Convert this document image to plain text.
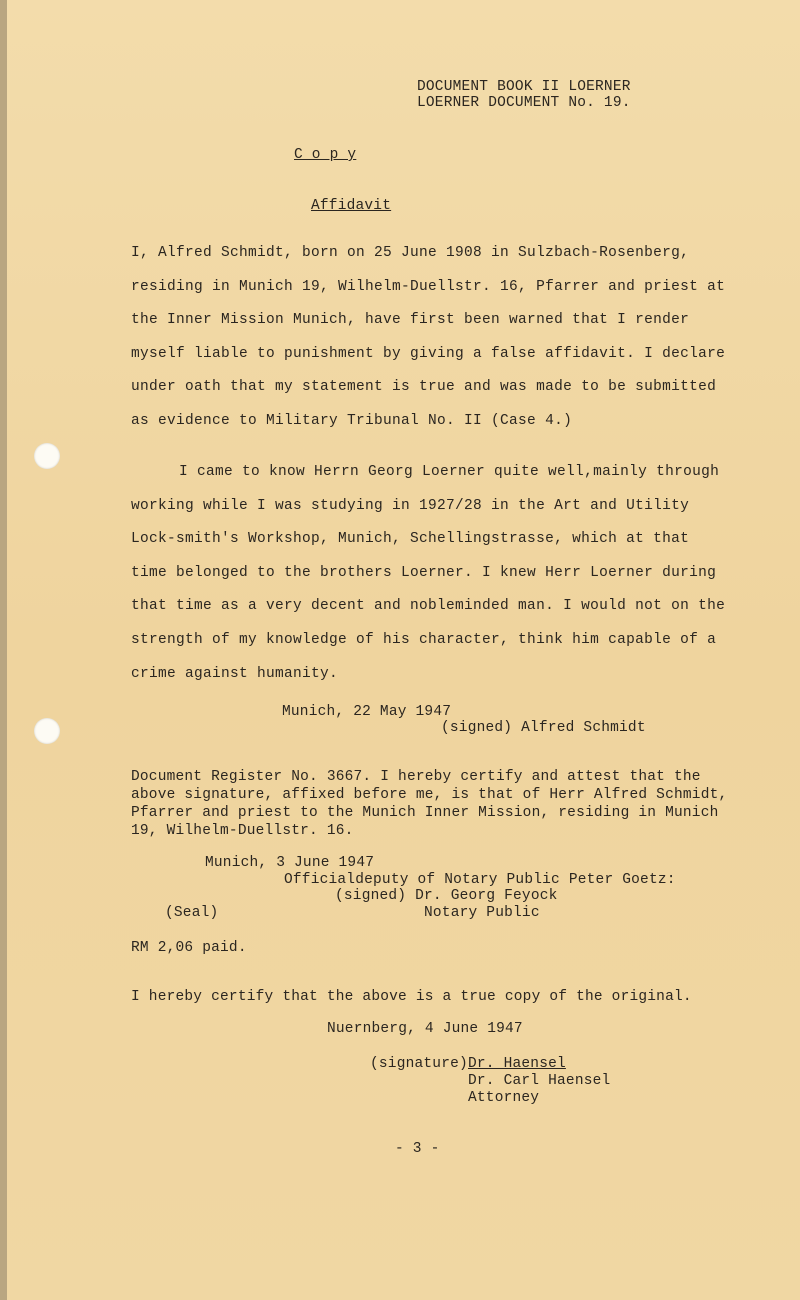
DOCUMENT BOOK II LOERNER
LOERNER DOCUMENT No. 19.
C o p y
Affidavit

I, Alfred Schmidt, born on 25 June 1908 in Sulzbach-Rosenberg, residing in Munich 19, Wilhelm-Duellstr. 16, Pfarrer and priest at the Inner Mission Munich, have first been warned that I render myself liable to punishment by giving a false affidavit. I declare under oath that my statement is true and was made to be submitted as evidence to Military Tribunal No. II (Case 4.)

I came to know Herrn Georg Loerner quite well,mainly through working while I was studying in 1927/28 in the Art and Utility Lock-smith's Workshop, Munich, Schellingstrasse, which at that time belonged to the brothers Loerner. I knew Herr Loerner during that time as a very decent and nobleminded man. I would not on the strength of my knowledge of his character, think him capable of a crime against humanity.

Munich, 22 May 1947
(signed) Alfred Schmidt

Document Register No. 3667. I hereby certify and attest that the above signature, affixed before me, is that of Herr Alfred Schmidt, Pfarrer and priest to the Munich Inner Mission, residing in Munich 19, Wilhelm-Duellstr. 16.

Munich, 3 June 1947
Officialdeputy of Notary Public Peter Goetz:
(signed) Dr. Georg Feyock
(Seal)	Notary Public
RM 2,06 paid.
I hereby certify that the above is a true copy of the original.
Nuernberg, 4 June 1947
(signature) Dr. Haensel
Dr. Carl Haensel
Attorney
- 3 -
